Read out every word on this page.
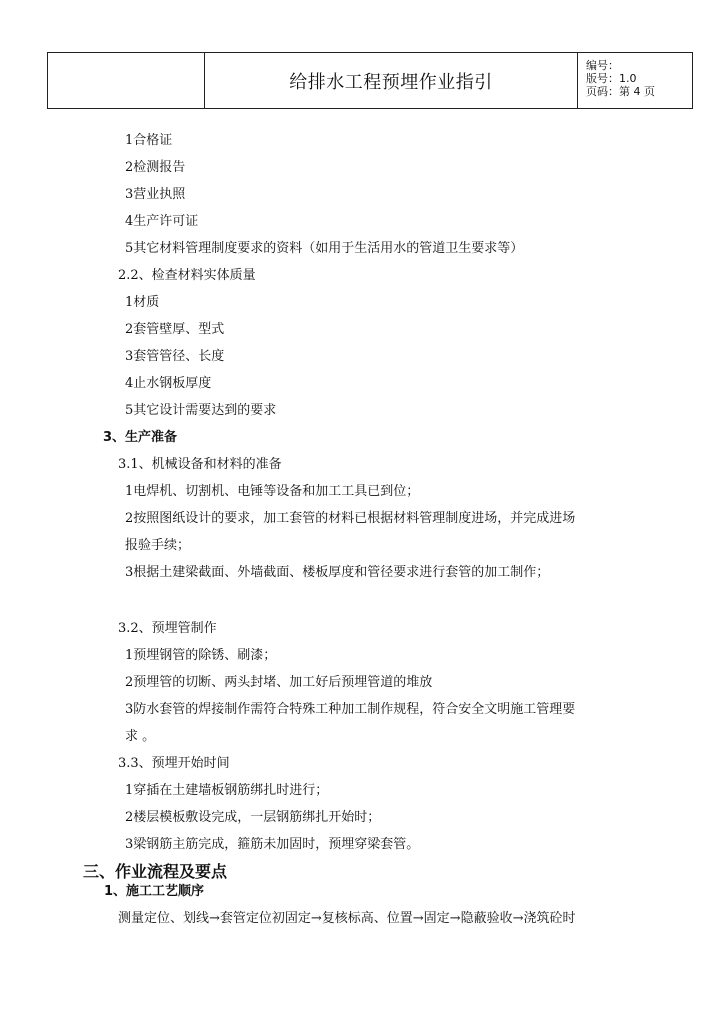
给排水工程预埋作业指引
编号：
版号：1.0
页码：第 4 页
1合格证
2检测报告
3营业执照
4生产许可证
5其它材料管理制度要求的资料（如用于生活用水的管道卫生要求等）
2.2、检查材料实体质量
1材质
2套管壁厚、型式
3套管管径、长度
4止水钢板厚度
5其它设计需要达到的要求
3、生产准备
3.1、机械设备和材料的准备
1电焊机、切割机、电锤等设备和加工工具已到位；
2按照图纸设计的要求，加工套管的材料已根据材料管理制度进场，并完成进场
报验手续；
3根据土建梁截面、外墙截面、楼板厚度和管径要求进行套管的加工制作；
3.2、预埋管制作
1预埋钢管的除锈、刷漆；
2预埋管的切断、两头封堵、加工好后预埋管道的堆放
3防水套管的焊接制作需符合特殊工种加工制作规程，符合安全文明施工管理要
求 。
3.3、预埋开始时间
1穿插在土建墙板钢筋绑扎时进行；
2楼层模板敷设完成，一层钢筋绑扎开始时；
3梁钢筋主筋完成，箍筋未加固时，预埋穿梁套管。
三、作业流程及要点
1、施工工艺顺序
测量定位、划线→套管定位初固定→复核标高、位置→固定→隐蔽验收→浇筑砼时
